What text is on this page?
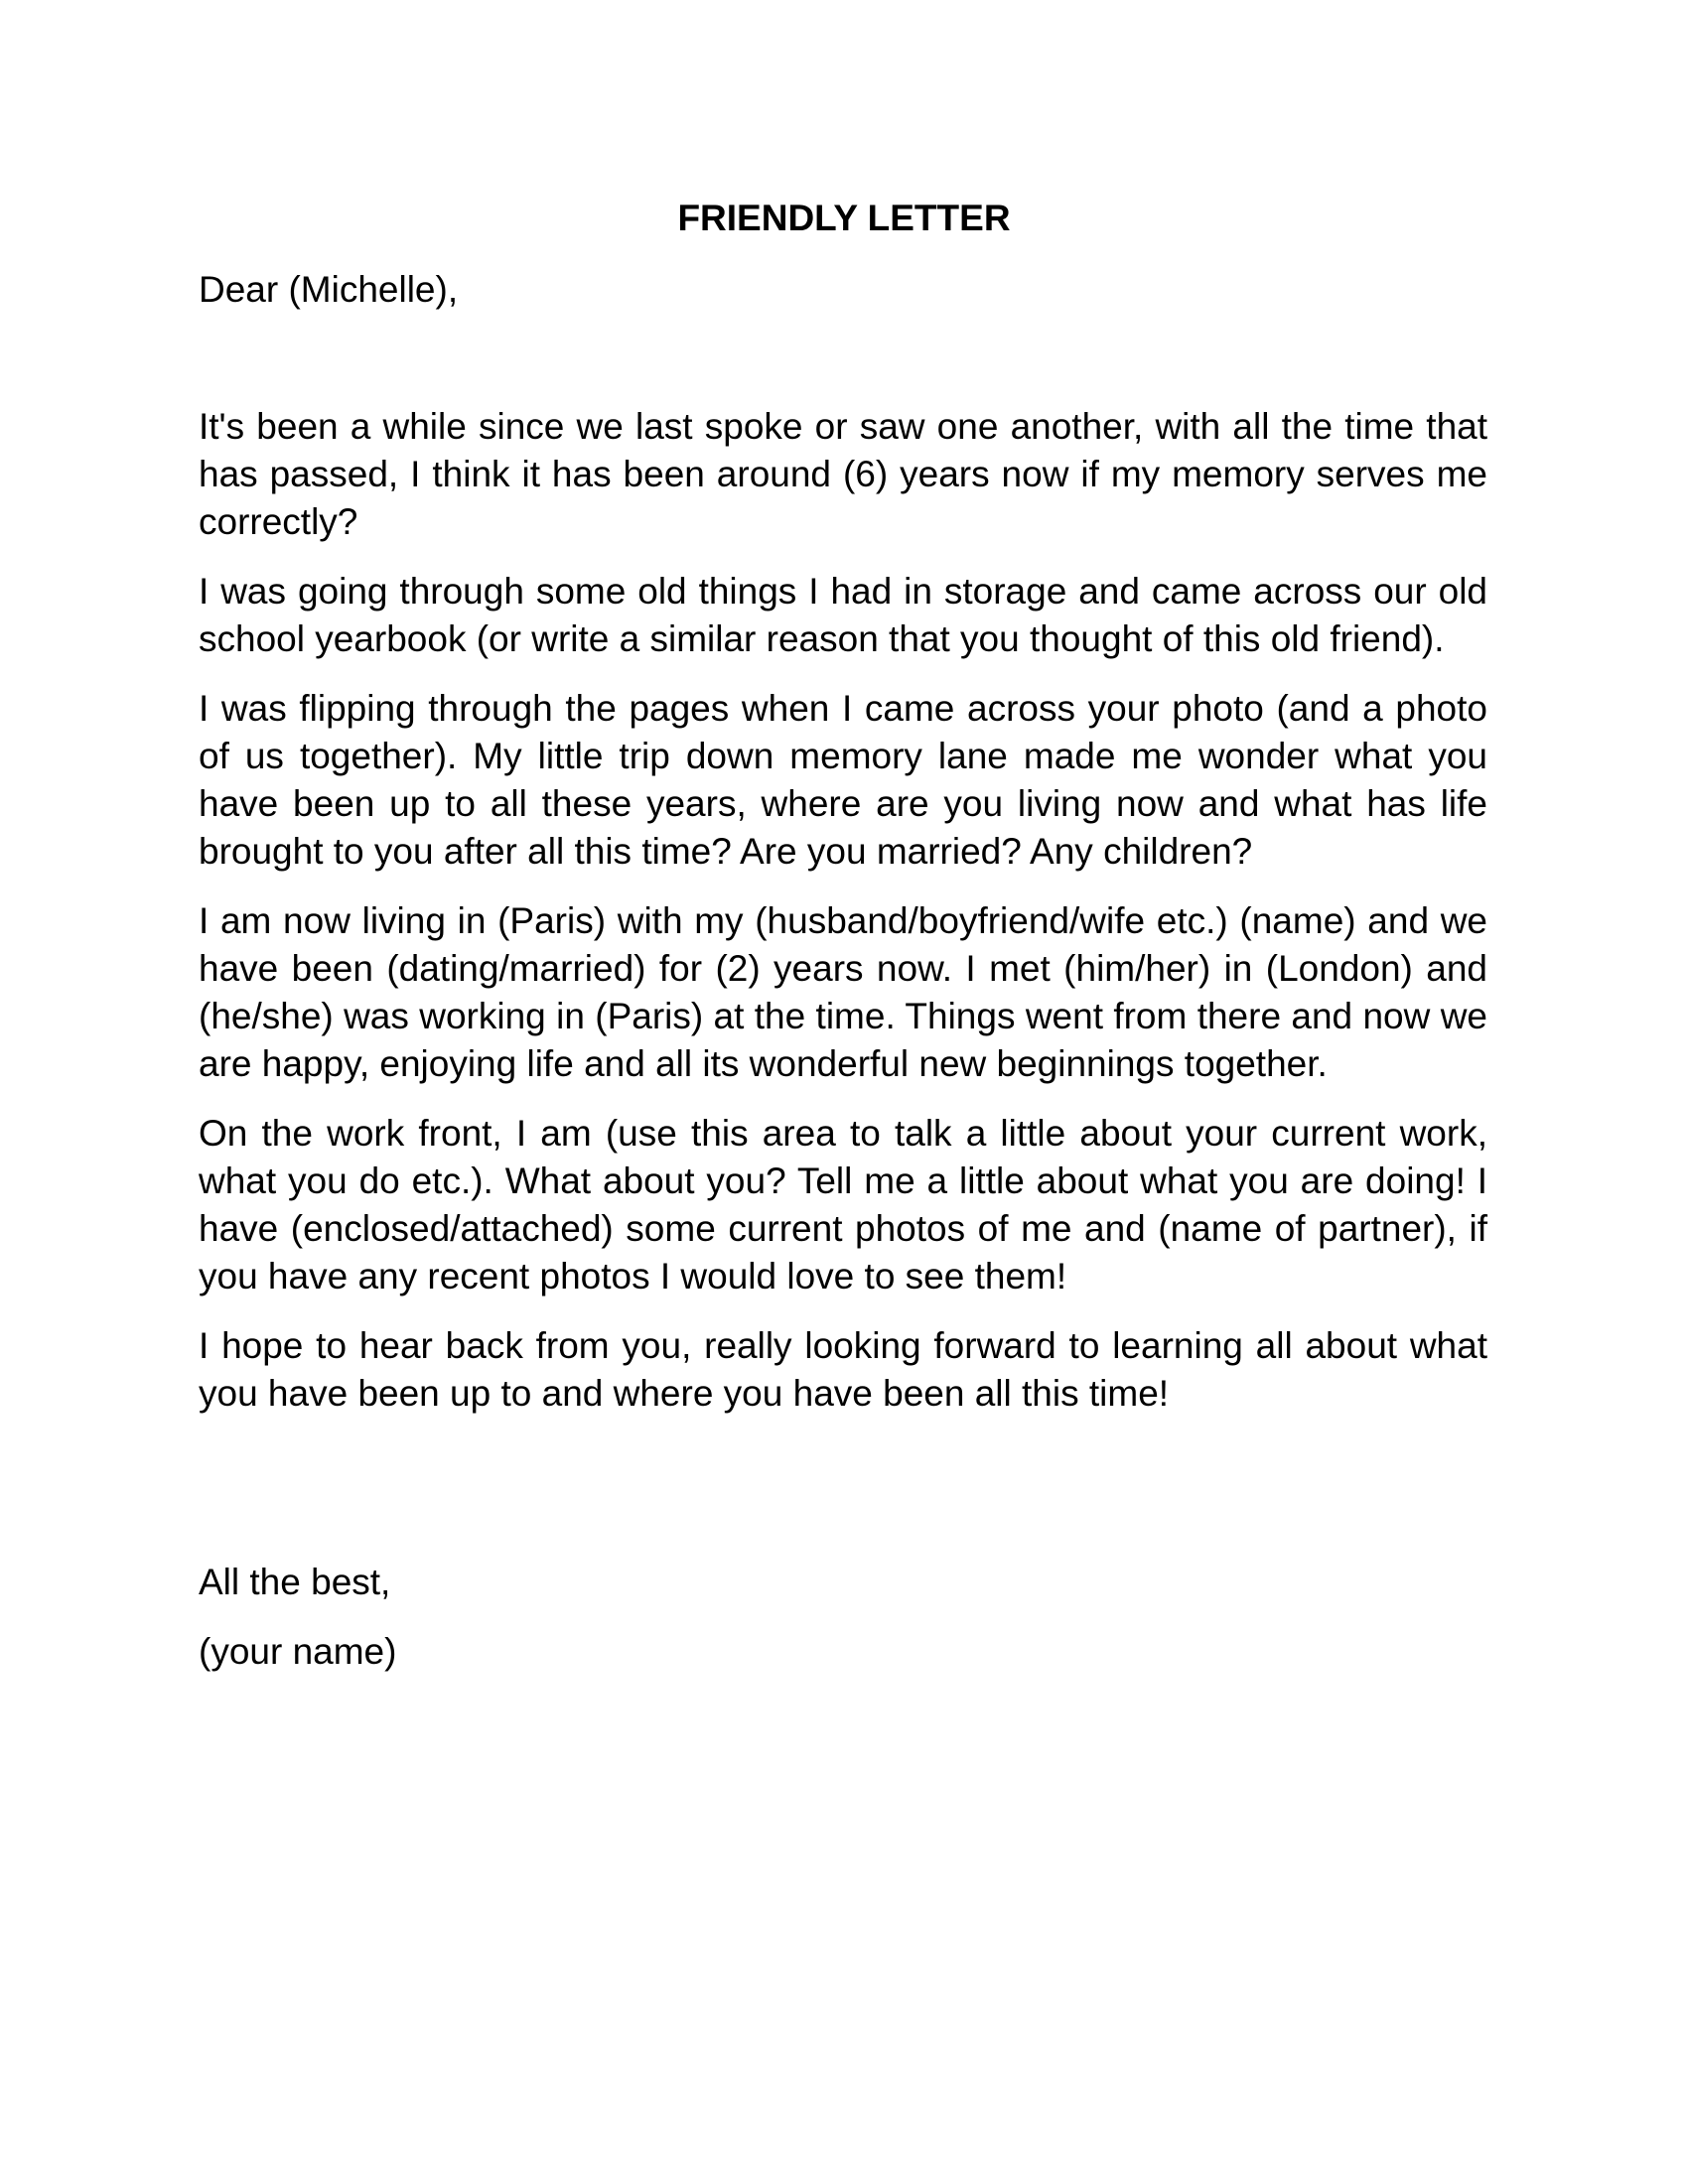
FRIENDLY LETTER

Dear (Michelle),

It's been a while since we last spoke or saw one another, with all the time that has passed, I think it has been around (6) years now if my memory serves me correctly?

I was going through some old things I had in storage and came across our old school yearbook (or write a similar reason that you thought of this old friend).

I was flipping through the pages when I came across your photo (and a photo of us together). My little trip down memory lane made me wonder what you have been up to all these years, where are you living now and what has life brought to you after all this time? Are you married? Any children?

I am now living in (Paris) with my (husband/boyfriend/wife etc.) (name) and we have been (dating/married) for (2) years now. I met (him/her) in (London) and (he/she) was working in (Paris) at the time. Things went from there and now we are happy, enjoying life and all its wonderful new beginnings together.

On the work front, I am (use this area to talk a little about your current work, what you do etc.). What about you? Tell me a little about what you are doing! I have (enclosed/attached) some current photos of me and (name of partner), if you have any recent photos I would love to see them!

I hope to hear back from you, really looking forward to learning all about what you have been up to and where you have been all this time!

All the best,

(your name)
